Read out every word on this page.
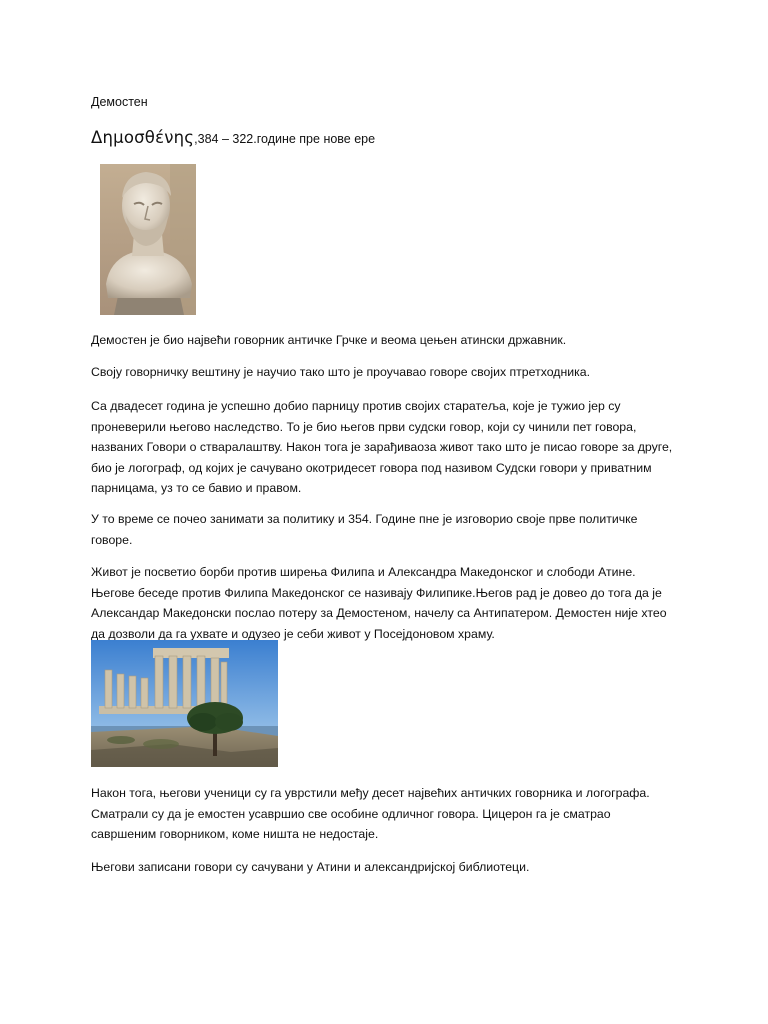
Демостен
Δημοσθένης,384 – 322.године пре нове ере

Демостен је био највећи говорник античке Грчке и веома цењен атински државник.

Своју говорничку вештину је научио тако што је проучавао говоре својих птретходника.

Са двадесет година је успешно добио парницу против својих старатеља, које је тужио јер су проневерили његово наследство. То је био његов први судски говор, који су чинили пет говора, названих Говори о стваралаштву. Након тога је зарађиваоза живот тако што је писао говоре за друге, био је логограф, од којих је сачувано окотридесет говора под називом Судски говори у приватним парницама, уз то се бавио и правом.

У то време се почео занимати за политику и 354. Године пне је изговорио своје прве политичке говоре.

Живот је посветио борби против ширења Филипа и Александра Македонског и слободи Атине. Његове беседе против Филипа Македонског се називају Филипике.Његов рад је довео до тога да је Александар Македонски послао потеру за Демостеном, начелу са Антипатером. Демостен није хтео да дозволи да га ухвате и одузео је себи живот у Посејдоновом храму.

Након тога, његови ученици су га уврстили међу десет највећих античких говорника и логографа. Сматрали су да је емостен усавршио све особине одличног говора. Цицерон га је сматрао савршеним говорником, коме ништа не недостаје.

Његови записани говори су сачувани у Атини и александријској библиотеци.
